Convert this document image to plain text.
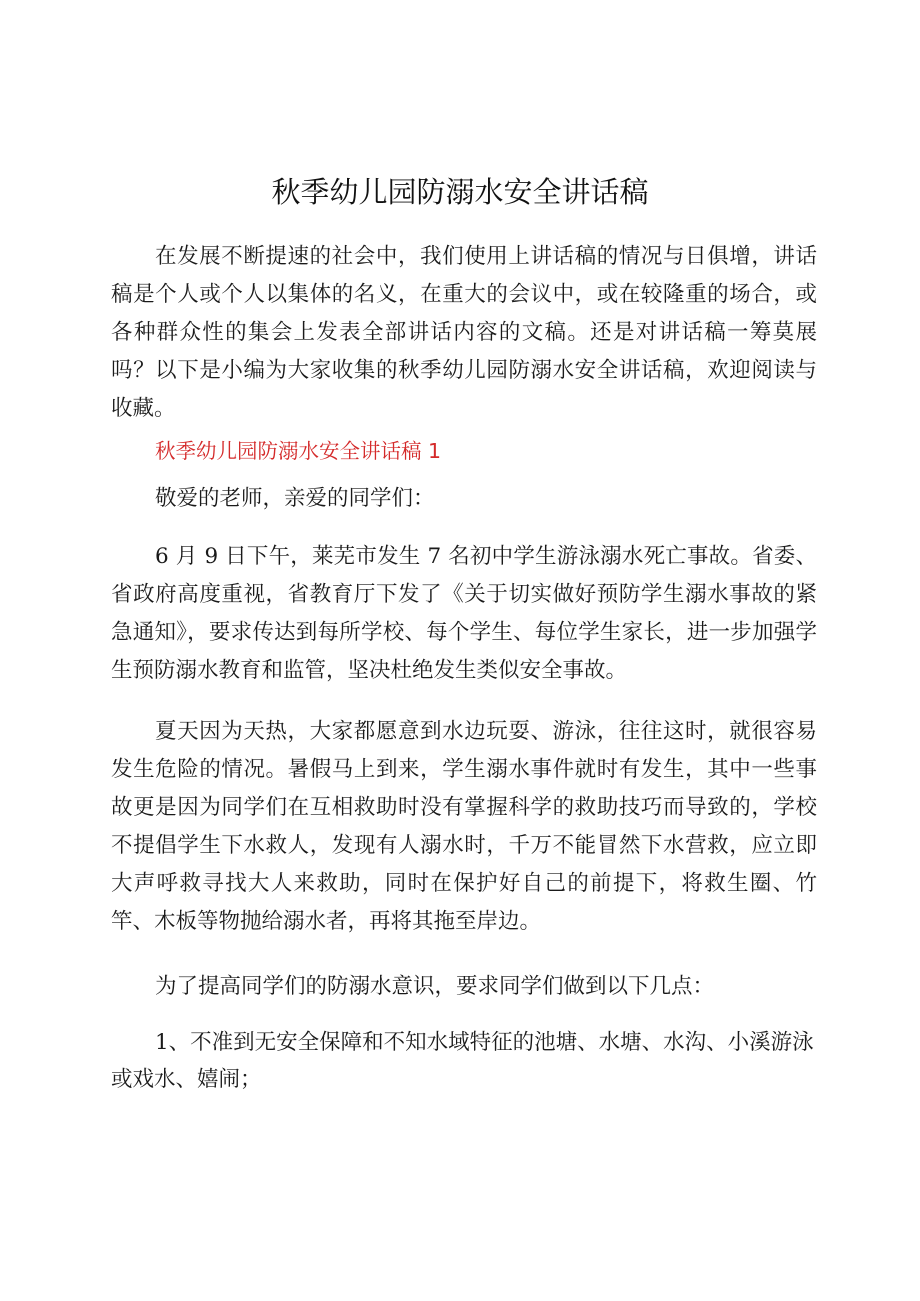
秋季幼儿园防溺水安全讲话稿
在发展不断提速的社会中，我们使用上讲话稿的情况与日俱增，讲话稿是个人或个人以集体的名义，在重大的会议中，或在较隆重的场合，或各种群众性的集会上发表全部讲话内容的文稿。还是对讲话稿一筹莫展吗？以下是小编为大家收集的秋季幼儿园防溺水安全讲话稿，欢迎阅读与收藏。
秋季幼儿园防溺水安全讲话稿 1
敬爱的老师，亲爱的同学们：
6 月 9 日下午，莱芜市发生 7 名初中学生游泳溺水死亡事故。省委、省政府高度重视，省教育厅下发了《关于切实做好预防学生溺水事故的紧急通知》，要求传达到每所学校、每个学生、每位学生家长，进一步加强学生预防溺水教育和监管，坚决杜绝发生类似安全事故。
夏天因为天热，大家都愿意到水边玩耍、游泳，往往这时，就很容易发生危险的情况。暑假马上到来，学生溺水事件就时有发生，其中一些事故更是因为同学们在互相救助时没有掌握科学的救助技巧而导致的，学校不提倡学生下水救人，发现有人溺水时，千万不能冒然下水营救，应立即大声呼救寻找大人来救助，同时在保护好自己的前提下，将救生圈、竹竿、木板等物抛给溺水者，再将其拖至岸边。
为了提高同学们的防溺水意识，要求同学们做到以下几点：
1、不准到无安全保障和不知水域特征的池塘、水塘、水沟、小溪游泳
或戏水、嬉闹；
